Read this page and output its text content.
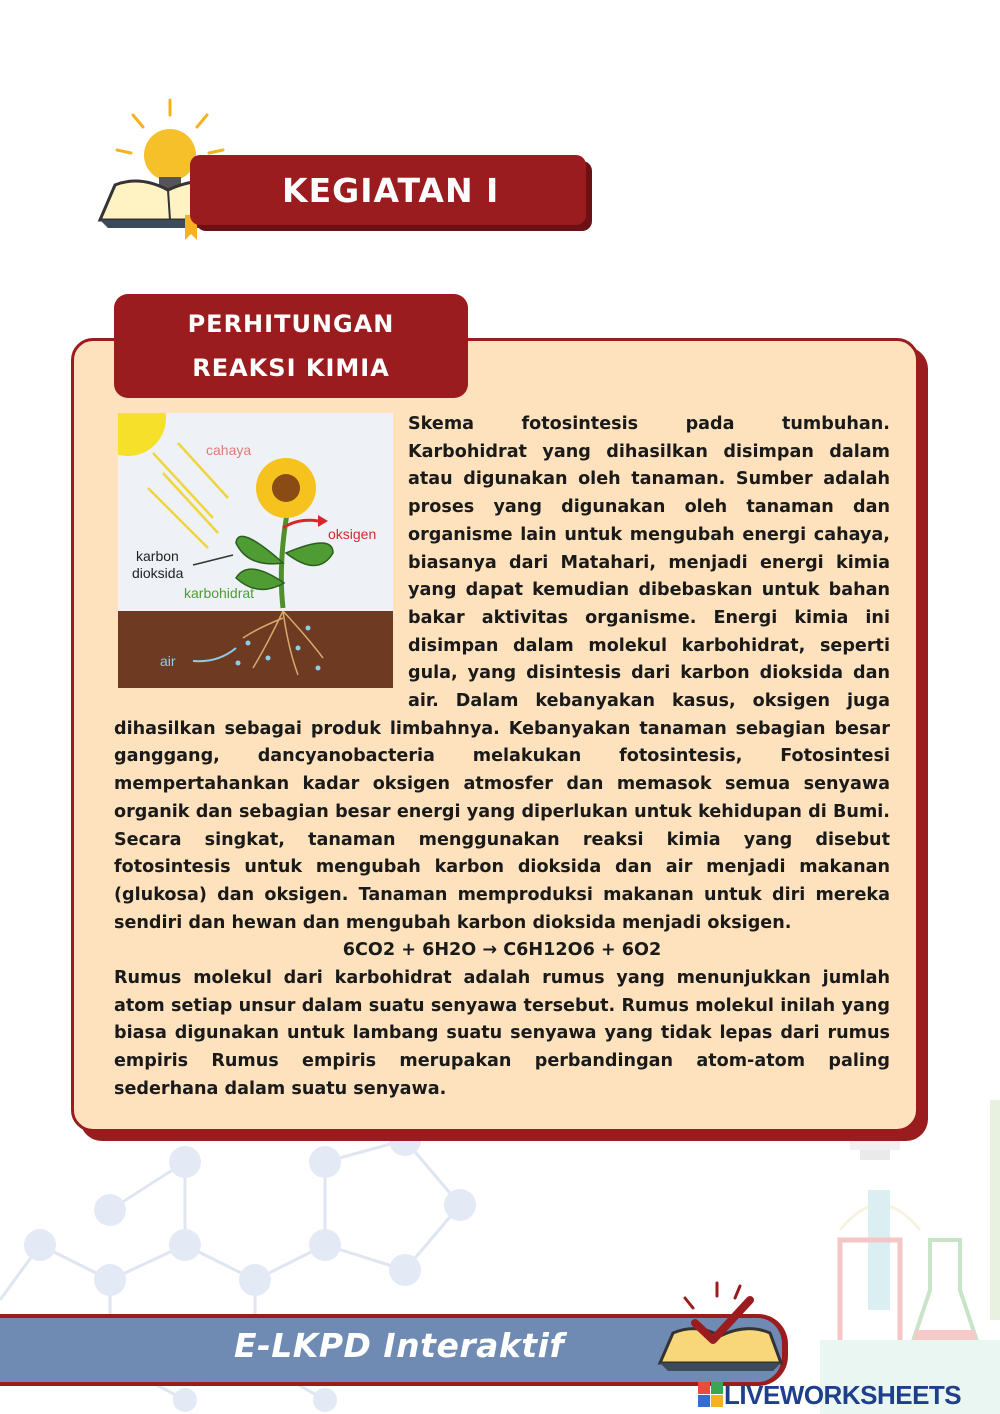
KEGIATAN I
PERHITUNGAN
REAKSI KIMIA
cahaya
oksigen
karbon
dioksida
karbohidrat
air
Skema fotosintesis pada tumbuhan. Karbohidrat yang dihasilkan disimpan dalam atau digunakan oleh tanaman. Sumber adalah proses yang digunakan oleh tanaman dan organisme lain untuk mengubah energi cahaya, biasanya dari Matahari, menjadi energi kimia yang dapat kemudian dibebaskan untuk bahan bakar aktivitas organisme. Energi kimia ini disimpan dalam molekul karbohidrat, seperti gula, yang disintesis dari karbon dioksida dan air. Dalam kebanyakan kasus, oksigen juga dihasilkan sebagai produk limbahnya. Kebanyakan tanaman sebagian besar ganggang, dancyanobacteria melakukan fotosintesis, Fotosintesi mempertahankan kadar oksigen atmosfer dan memasok semua senyawa organik dan sebagian besar energi yang diperlukan untuk kehidupan di Bumi. Secara singkat, tanaman menggunakan reaksi kimia yang disebut fotosintesis untuk mengubah karbon dioksida dan air menjadi makanan (glukosa) dan oksigen. Tanaman memproduksi makanan untuk diri mereka sendiri dan hewan dan mengubah karbon dioksida menjadi oksigen.
6CO2 + 6H2O → C6H12O6 + 6O2
Rumus molekul dari karbohidrat adalah rumus yang menunjukkan jumlah atom setiap unsur dalam suatu senyawa tersebut. Rumus molekul inilah yang biasa digunakan untuk lambang suatu senyawa yang tidak lepas dari rumus empiris Rumus empiris merupakan perbandingan atom-atom paling sederhana dalam suatu senyawa.
E-LKPD Interaktif
LIVEWORKSHEETS
